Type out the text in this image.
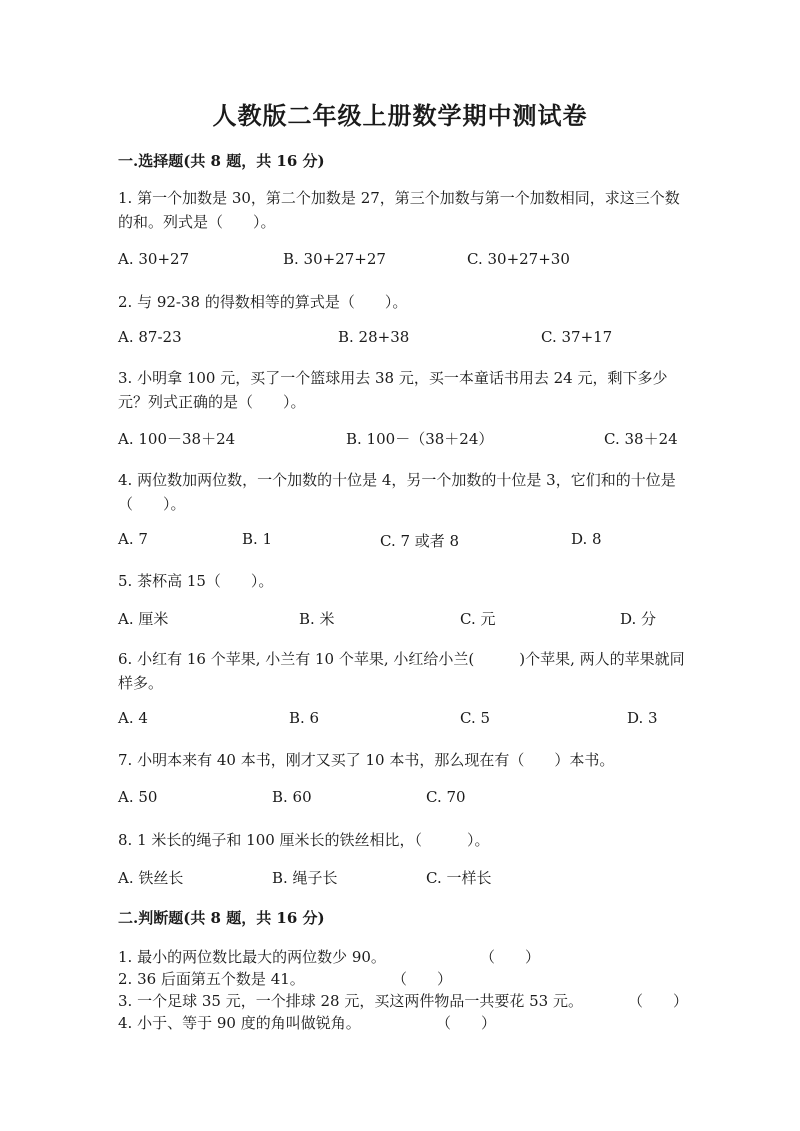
人教版二年级上册数学期中测试卷
一.选择题(共 8 题，共 16 分)
1. 第一个加数是 30，第二个加数是 27，第三个加数与第一个加数相同，求这三个数的和。列式是（　　）。
A. 30+27	B. 30+27+27	C. 30+27+30
2. 与 92-38 的得数相等的算式是（　　）。
A. 87-23	B. 28+38	C. 37+17
3. 小明拿 100 元，买了一个篮球用去 38 元，买一本童话书用去 24 元，剩下多少元？列式正确的是（　　）。
A. 100－38＋24	B. 100－（38＋24）	C. 38＋24
4. 两位数加两位数，一个加数的十位是 4，另一个加数的十位是 3，它们和的十位是（　　）。
A. 7	B. 1	C. 7 或者 8	D. 8
5. 茶杯高 15（　　）。
A. 厘米	B. 米	C. 元	D. 分
6. 小红有 16 个苹果, 小兰有 10 个苹果, 小红给小兰(　　　)个苹果, 两人的苹果就同样多。
A. 4	B. 6	C. 5	D. 3
7. 小明本来有 40 本书，刚才又买了 10 本书，那么现在有（　　）本书。
A. 50	B. 60	C. 70
8. 1 米长的绳子和 100 厘米长的铁丝相比，（　　　）。
A. 铁丝长	B. 绳子长	C. 一样长
二.判断题(共 8 题，共 16 分)
1. 最小的两位数比最大的两位数少 90。	（　　）
2. 36 后面第五个数是 41。	（　　）
3. 一个足球 35 元，一个排球 28 元，买这两件物品一共要花 53 元。	（　　）
4. 小于、等于 90 度的角叫做锐角。	（　　）
